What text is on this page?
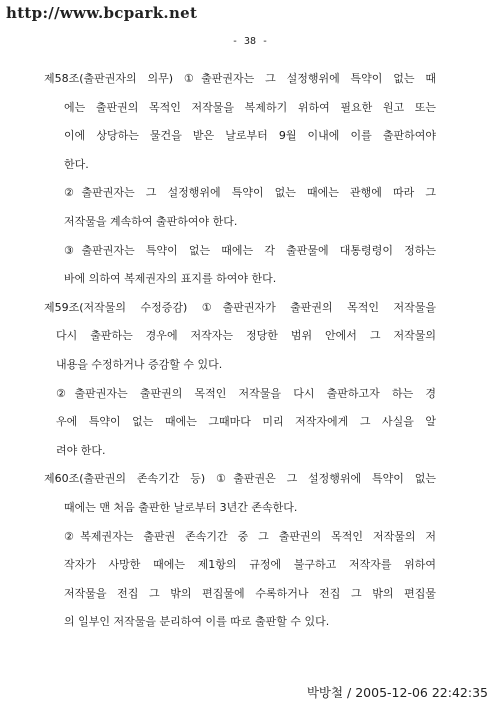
http://www.bcpark.net
- 38 -
제58조(출판권자의 의무) ①출판권자는 그 설정행위에 특약이 없는 때
에는 출판권의 목적인 저작물을 복제하기 위하여 필요한 원고 또는
이에 상당하는 물건을 받은 날로부터 9월 이내에 이를 출판하여야
한다.
②출판권자는 그 설정행위에 특약이 없는 때에는 관행에 따라 그
저작물을 계속하여 출판하여야 한다.
③출판권자는 특약이 없는 때에는 각 출판물에 대통령령이 정하는
바에 의하여 복제권자의 표지를 하여야 한다.
제59조(저작물의 수정증감) ①출판권자가 출판권의 목적인 저작물을
다시 출판하는 경우에 저작자는 정당한 범위 안에서 그 저작물의
내용을 수정하거나 증감할 수 있다.
②출판권자는 출판권의 목적인 저작물을 다시 출판하고자 하는 경
우에 특약이 없는 때에는 그때마다 미리 저작자에게 그 사실을 알
려야 한다.
제60조(출판권의 존속기간 등) ①출판권은 그 설정행위에 특약이 없는
때에는 맨 처음 출판한 날로부터 3년간 존속한다.
②복제권자는 출판권 존속기간 중 그 출판권의 목적인 저작물의 저
작자가 사망한 때에는 제1항의 규정에 불구하고 저작자를 위하여
저작물을 전집 그 밖의 편집물에 수록하거나 전집 그 밖의 편집물
의 일부인 저작물을 분리하여 이를 따로 출판할 수 있다.
박방철 / 2005-12-06 22:42:35
